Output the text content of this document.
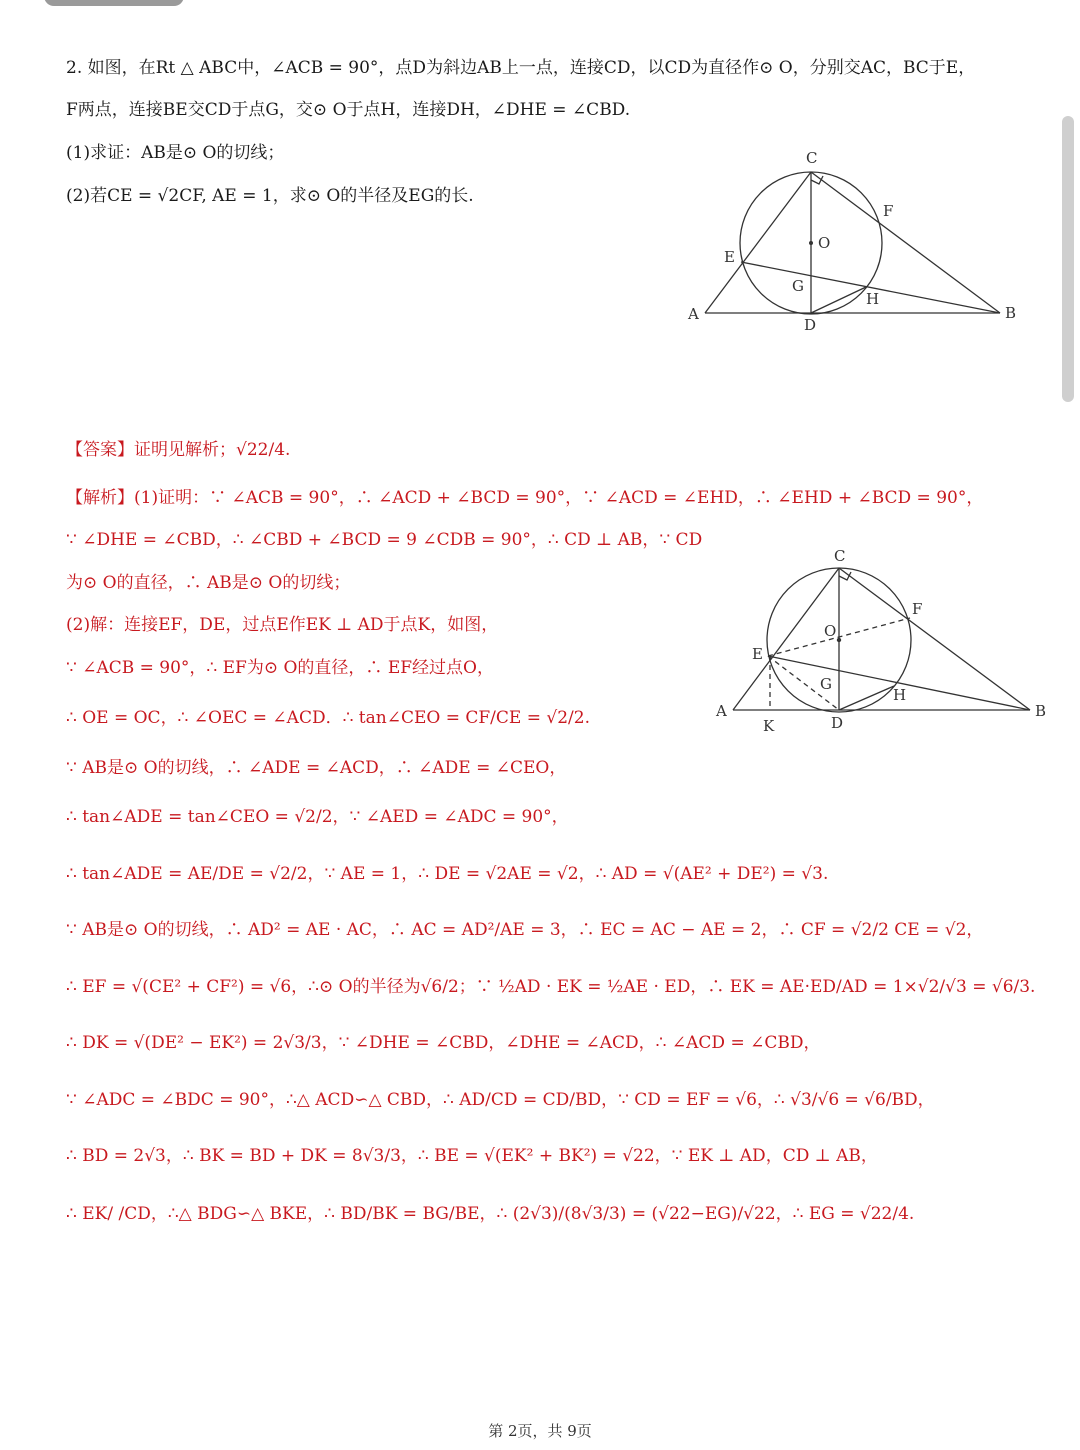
2. 如图，在Rt △ ABC中，∠ACB = 90°，点D为斜边AB上一点，连接CD，以CD为直径作⊙ O，分别交AC，BC于E，
F两点，连接BE交CD于点G，交⊙ O于点H，连接DH，∠DHE = ∠CBD.
(1)求证：AB是⊙ O的切线；
(2)若CE = √2CF, AE = 1，求⊙ O的半径及EG的长.
C
F
O
E
G
H
A
D
B
【答案】证明见解析；√22/4.
【解析】(1)证明：∵ ∠ACB = 90°，∴ ∠ACD + ∠BCD = 90°，∵ ∠ACD = ∠EHD，∴ ∠EHD + ∠BCD = 90°，
∵ ∠DHE = ∠CBD，∴ ∠CBD + ∠BCD = 9 ∠CDB = 90°，∴ CD ⊥ AB，∵ CD
为⊙ O的直径，∴ AB是⊙ O的切线；
(2)解：连接EF，DE，过点E作EK ⊥ AD于点K，如图，
∵ ∠ACB = 90°，∴ EF为⊙ O的直径，∴ EF经过点O，
∴ OE = OC，∴ ∠OEC = ∠ACD．∴ tan∠CEO = CF/CE = √2/2.
∵ AB是⊙ O的切线，∴ ∠ADE = ∠ACD，∴ ∠ADE = ∠CEO，
∴ tan∠ADE = tan∠CEO = √2/2，∵ ∠AED = ∠ADC = 90°，
∴ tan∠ADE = AE/DE = √2/2，∵ AE = 1，∴ DE = √2AE = √2，∴ AD = √(AE² + DE²) = √3.
∵ AB是⊙ O的切线，∴ AD² = AE · AC，∴ AC = AD²/AE = 3，∴ EC = AC − AE = 2，∴ CF = √2/2 CE = √2，
∴ EF = √(CE² + CF²) = √6，∴⊙ O的半径为√6/2；∵ ½AD · EK = ½AE · ED，∴ EK = AE·ED/AD = 1×√2/√3 = √6/3.
∴ DK = √(DE² − EK²) = 2√3/3，∵ ∠DHE = ∠CBD，∠DHE = ∠ACD，∴ ∠ACD = ∠CBD，
∵ ∠ADC = ∠BDC = 90°，∴△ ACD∽△ CBD，∴ AD/CD = CD/BD，∵ CD = EF = √6，∴ √3/√6 = √6/BD，
∴ BD = 2√3，∴ BK = BD + DK = 8√3/3，∴ BE = √(EK² + BK²) = √22，∵ EK ⊥ AD，CD ⊥ AB，
∴ EK/ /CD，∴△ BDG∽△ BKE，∴ BD/BK = BG/BE，∴ (2√3)/(8√3/3) = (√22−EG)/√22，∴ EG = √22/4.
C
F
O
E
G
H
A
K	D
B
第 2页，共 9页
